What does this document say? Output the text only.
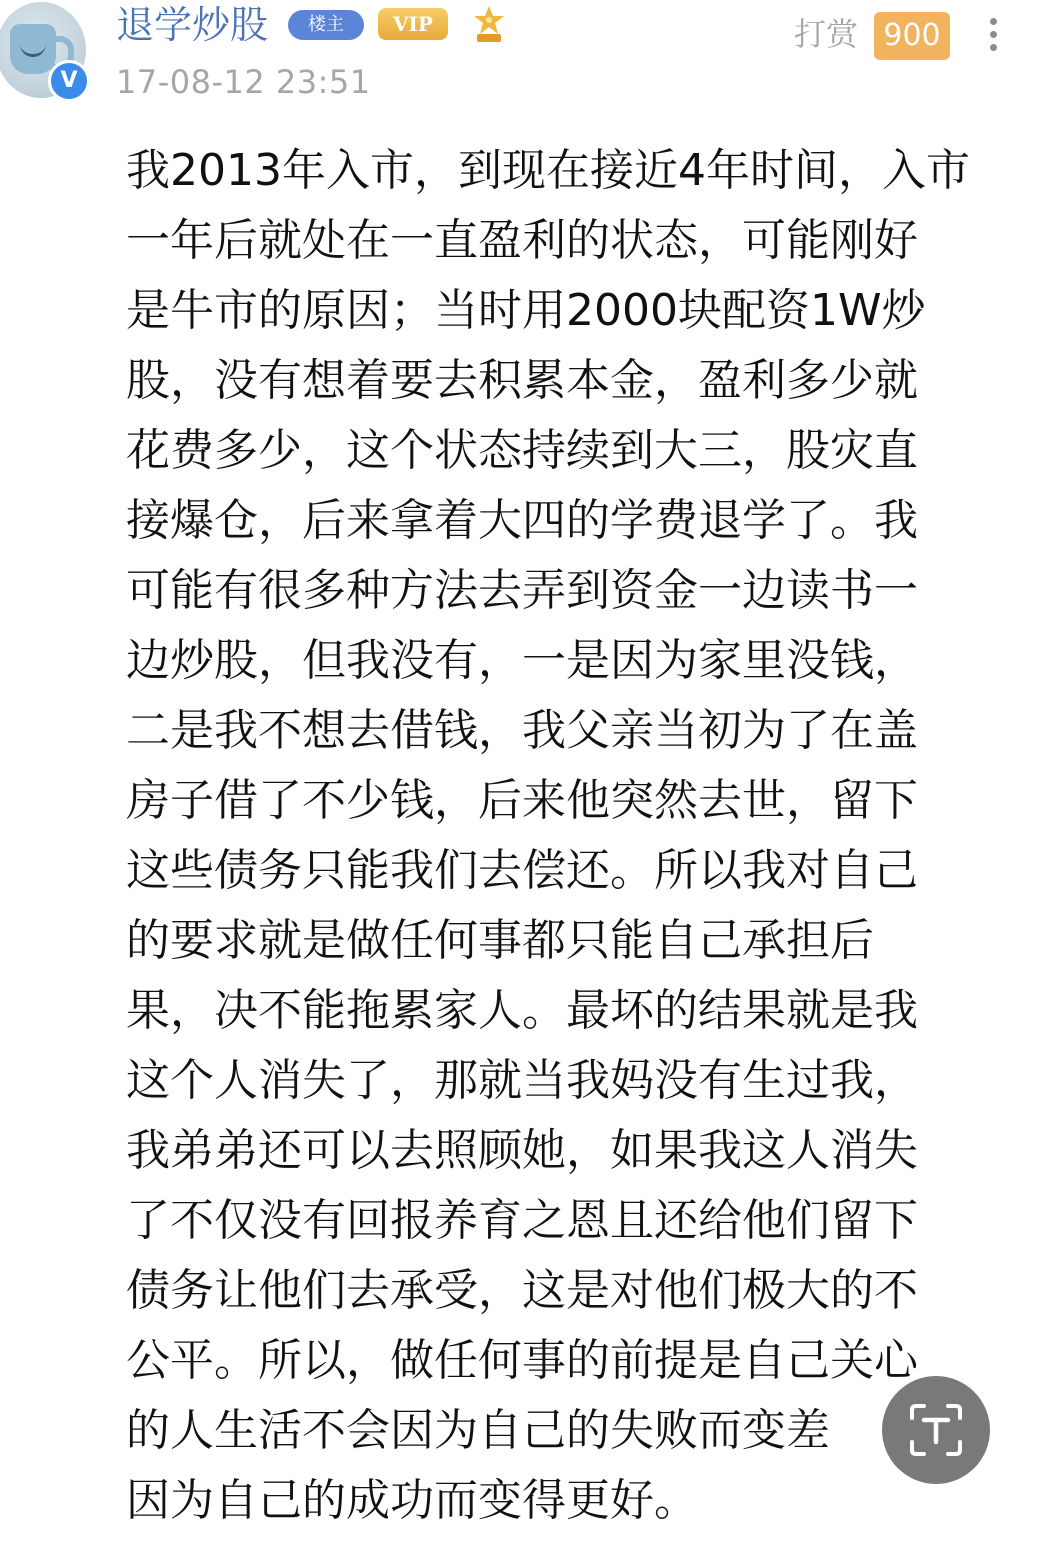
V
退学炒股	楼主	VIP
17-08-12 23:51
打赏 900
我2013年入市，到现在接近4年时间，入市
一年后就处在一直盈利的状态，可能刚好
是牛市的原因；当时用2000块配资1W炒
股，没有想着要去积累本金，盈利多少就
花费多少，这个状态持续到大三，股灾直
接爆仓，后来拿着大四的学费退学了。我
可能有很多种方法去弄到资金一边读书一
边炒股，但我没有，一是因为家里没钱，
二是我不想去借钱，我父亲当初为了在盖
房子借了不少钱，后来他突然去世，留下
这些债务只能我们去偿还。所以我对自己
的要求就是做任何事都只能自己承担后
果，决不能拖累家人。最坏的结果就是我
这个人消失了，那就当我妈没有生过我，
我弟弟还可以去照顾她，如果我这人消失
了不仅没有回报养育之恩且还给他们留下
债务让他们去承受，这是对他们极大的不
公平。所以，做任何事的前提是自己关心
的人生活不会因为自己的失败而变差
因为自己的成功而变得更好。
